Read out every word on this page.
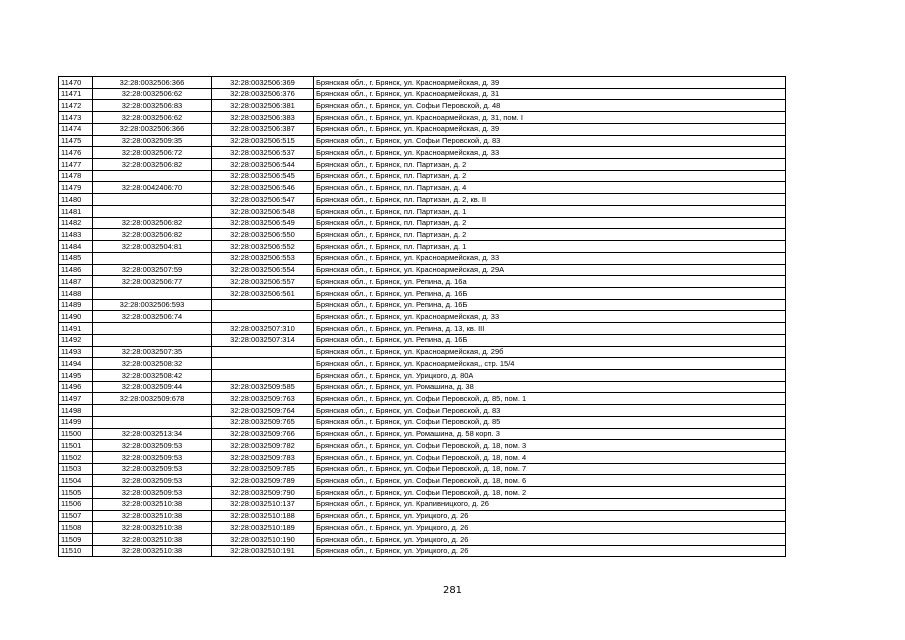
11470	32:28:0032506:366	32:28:0032506:369	Брянская обл., г. Брянск, ул. Красноармейская, д. 39
11471	32:28:0032506:62	32:28:0032506:376	Брянская обл., г. Брянск, ул. Красноармейская, д. 31
11472	32:28:0032506:83	32:28:0032506:381	Брянская обл., г. Брянск, ул. Софьи Перовской, д. 48
11473	32:28:0032506:62	32:28:0032506:383	Брянская обл., г. Брянск, ул. Красноармейская, д. 31, пом. I
11474	32:28:0032506:366	32:28:0032506:387	Брянская обл., г. Брянск, ул. Красноармейская, д. 39
11475	32:28:0032509:35	32:28:0032506:515	Брянская обл., г. Брянск, ул. Софьи Перовской, д. 83
11476	32:28:0032506:72	32:28:0032506:537	Брянская обл., г. Брянск, ул. Красноармейская, д. 33
11477	32:28:0032506:82	32:28:0032506:544	Брянская обл., г. Брянск, пл. Партизан, д. 2
11478		32:28:0032506:545	Брянская обл., г. Брянск, пл. Партизан, д. 2
11479	32:28:0042406:70	32:28:0032506:546	Брянская обл., г. Брянск, пл. Партизан, д. 4
11480		32:28:0032506:547	Брянская обл., г. Брянск, пл. Партизан, д. 2, кв. II
11481		32:28:0032506:548	Брянская обл., г. Брянск, пл. Партизан, д. 1
11482	32:28:0032506:82	32:28:0032506:549	Брянская обл., г. Брянск, пл. Партизан, д. 2
11483	32:28:0032506:82	32:28:0032506:550	Брянская обл., г. Брянск, пл. Партизан, д. 2
11484	32:28:0032504:81	32:28:0032506:552	Брянская обл., г. Брянск, пл. Партизан, д. 1
11485		32:28:0032506:553	Брянская обл., г. Брянск, ул. Красноармейская, д. 33
11486	32:28:0032507:59	32:28:0032506:554	Брянская обл., г. Брянск, ул. Красноармейская, д. 29А
11487	32:28:0032506:77	32:28:0032506:557	Брянская обл., г. Брянск, ул. Репина, д. 16а
11488		32:28:0032506:561	Брянская обл., г. Брянск, ул. Репина, д. 16Б
11489	32:28:0032506:593		Брянская обл., г. Брянск, ул. Репина, д. 16Б
11490	32:28:0032506:74		Брянская обл., г. Брянск, ул. Красноармейская, д. 33
11491		32:28:0032507:310	Брянская обл., г. Брянск, ул. Репина, д. 13, кв. III
11492		32:28:0032507:314	Брянская обл., г. Брянск, ул. Репина, д. 16Б
11493	32:28:0032507:35		Брянская обл., г. Брянск, ул. Красноармейская, д. 29б
11494	32:28:0032508:32		Брянская обл., г. Брянск, ул. Красноармейская,, стр. 15/4
11495	32:28:0032508:42		Брянская обл., г. Брянск, ул. Урицкого, д. 80А
11496	32:28:0032509:44	32:28:0032509:585	Брянская обл., г. Брянск, ул. Ромашина, д. 38
11497	32:28:0032509:678	32:28:0032509:763	Брянская обл., г. Брянск, ул. Софьи Перовской, д. 85, пом. 1
11498		32:28:0032509:764	Брянская обл., г. Брянск, ул. Софьи Перовской, д. 83
11499		32:28:0032509:765	Брянская обл., г. Брянск, ул. Софьи Перовской, д. 85
11500	32:28:0032513:34	32:28:0032509:766	Брянская обл., г. Брянск, ул. Ромашина, д. 58 корп. 3
11501	32:28:0032509:53	32:28:0032509:782	Брянская обл., г. Брянск, ул. Софьи Перовской, д. 18, пом. 3
11502	32:28:0032509:53	32:28:0032509:783	Брянская обл., г. Брянск, ул. Софьи Перовской, д. 18, пом. 4
11503	32:28:0032509:53	32:28:0032509:785	Брянская обл., г. Брянск, ул. Софьи Перовской, д. 18, пом. 7
11504	32:28:0032509:53	32:28:0032509:789	Брянская обл., г. Брянск, ул. Софьи Перовской, д. 18, пом. 6
11505	32:28:0032509:53	32:28:0032509:790	Брянская обл., г. Брянск, ул. Софьи Перовской, д. 18, пом. 2
11506	32:28:0032510:38	32:28:0032510:137	Брянская обл., г. Брянск, ул. Крапивницкого, д. 26
11507	32:28:0032510:38	32:28:0032510:188	Брянская обл., г. Брянск, ул. Урицкого, д. 26
11508	32:28:0032510:38	32:28:0032510:189	Брянская обл., г. Брянск, ул. Урицкого, д. 26
11509	32:28:0032510:38	32:28:0032510:190	Брянская обл., г. Брянск, ул. Урицкого, д. 26
11510	32:28:0032510:38	32:28:0032510:191	Брянская обл., г. Брянск, ул. Урицкого, д. 26
281
